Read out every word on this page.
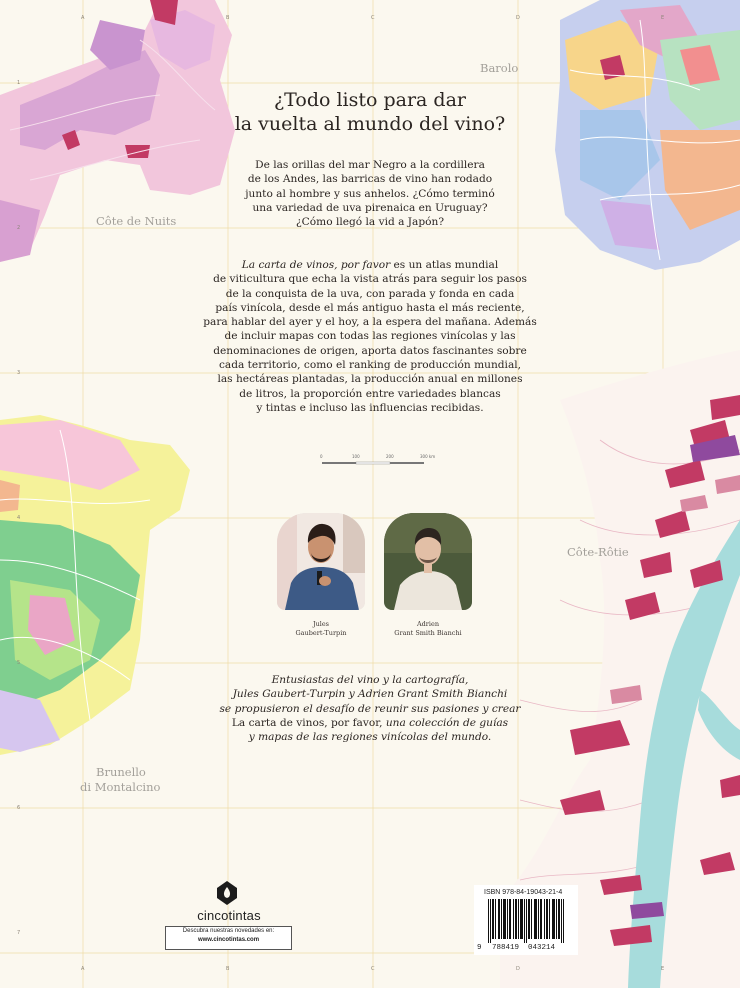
A	B	C	D	E
A	B	C	D	E
1
2
3
4
5
6
7
Barolo
Côte de Nuits
Côte-Rôtie
Brunello
di Montalcino
¿Todo listo para dar
la vuelta al mundo del vino?

De las orillas del mar Negro a la cordillera
de los Andes, las barricas de vino han rodado
junto al hombre y sus anhelos. ¿Cómo terminó
una variedad de uva pirenaica en Uruguay?
¿Cómo llegó la vid a Japón?

La carta de vinos, por favor es un atlas mundial
de viticultura que echa la vista atrás para seguir los pasos
de la conquista de la uva, con parada y fonda en cada
país vinícola, desde el más antiguo hasta el más reciente,
para hablar del ayer y el hoy, a la espera del mañana. Además
de incluir mapas con todas las regiones vinícolas y las
denominaciones de origen, aporta datos fascinantes sobre
cada territorio, como el ranking de producción mundial,
las hectáreas plantadas, la producción anual en millones
de litros, la proporción entre variedades blancas
y tintas e incluso las influencias recibidas.

0	100	200	300 km
Jules
Gaubert-Turpin
Adrien
Grant Smith Bianchi

Entusiastas del vino y la cartografía,
Jules Gaubert-Turpin y Adrien Grant Smith Bianchi
se propusieron el desafío de reunir sus pasiones y crear
La carta de vinos, por favor, una colección de guías
y mapas de las regiones vinícolas del mundo.

cincotintas
Descubra nuestras novedades en:
www.cincotintas.com
ISBN 978-84-19043-21-4
9 788419 043214
